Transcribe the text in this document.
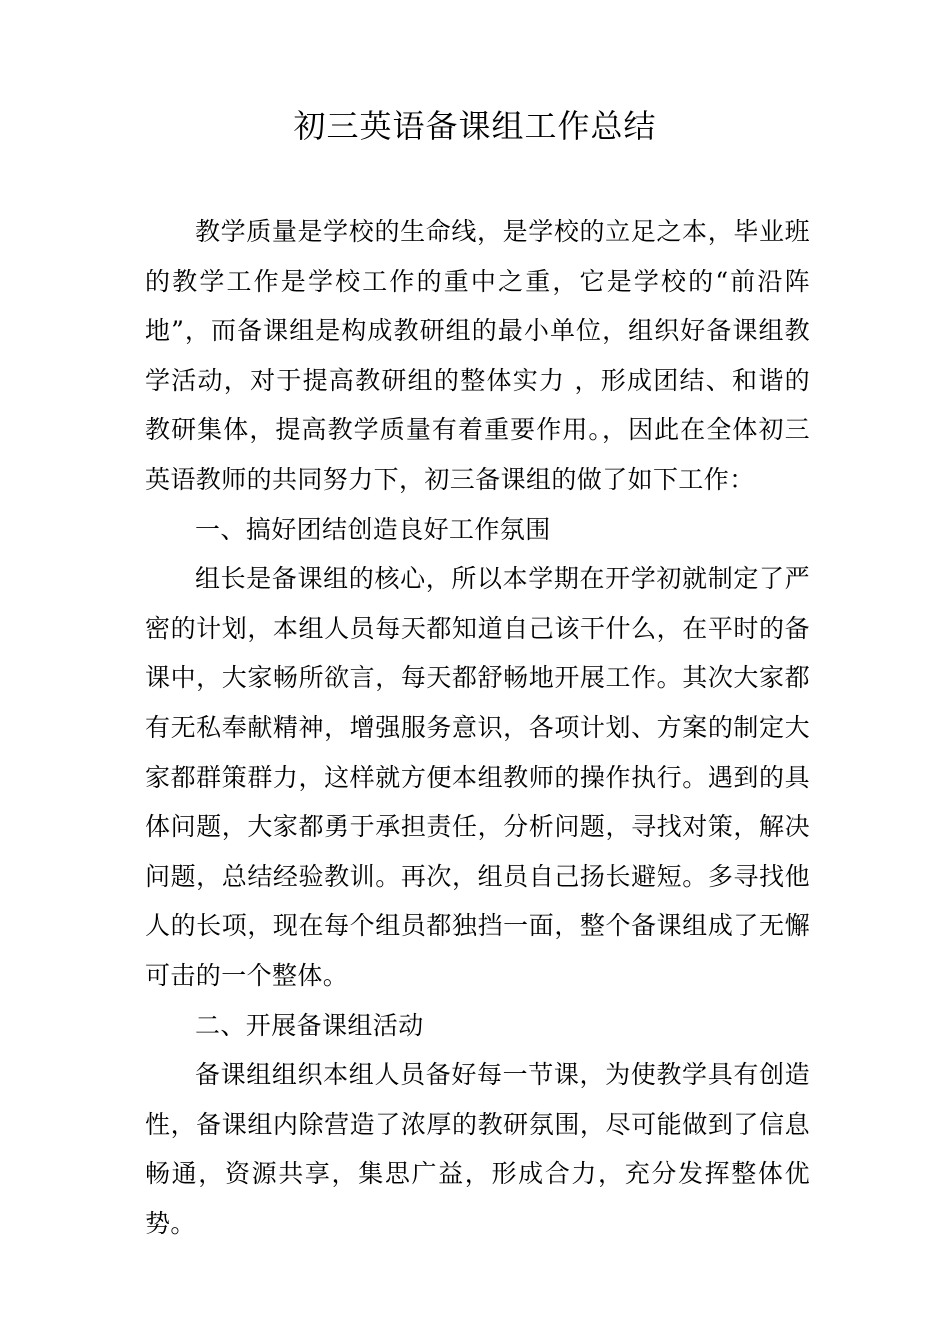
初三英语备课组工作总结

教学质量是学校的生命线，是学校的立足之本，毕业班的教学工作是学校工作的重中之重，它是学校的“前沿阵地”，而备课组是构成教研组的最小单位，组织好备课组教学活动，对于提高教研组的整体实力 ，形成团结、和谐的教研集体，提高教学质量有着重要作用。，因此在全体初三英语教师的共同努力下，初三备课组的做了如下工作：

一、搞好团结创造良好工作氛围

组长是备课组的核心，所以本学期在开学初就制定了严密的计划，本组人员每天都知道自己该干什么，在平时的备课中，大家畅所欲言，每天都舒畅地开展工作。其次大家都有无私奉献精神，增强服务意识，各项计划、方案的制定大家都群策群力，这样就方便本组教师的操作执行。遇到的具体问题，大家都勇于承担责任，分析问题，寻找对策，解决问题，总结经验教训。再次，组员自己扬长避短。多寻找他人的长项，现在每个组员都独挡一面，整个备课组成了无懈可击的一个整体。

二、开展备课组活动

备课组组织本组人员备好每一节课，为使教学具有创造性，备课组内除营造了浓厚的教研氛围，尽可能做到了信息畅通，资源共享，集思广益，形成合力，充分发挥整体优势。
